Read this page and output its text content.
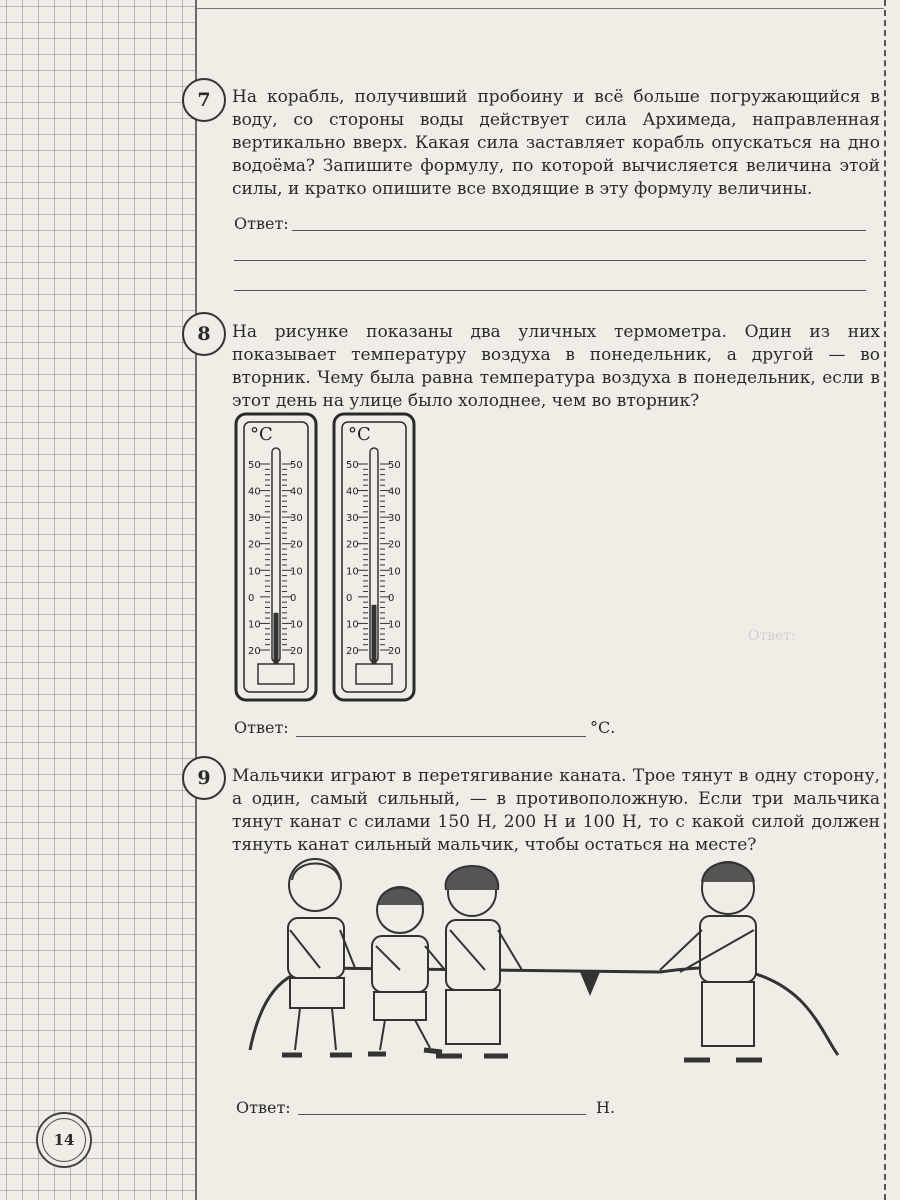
Ответ:
7	На корабль, получивший пробоину и всё больше погружающийся в воду, со стороны воды действует сила Архимеда, направленная вертикально вверх. Какая сила заставляет корабль опускаться на дно водоёма? Запишите формулу, по которой вычисляется величина этой силы, и кратко опишите все входящие в эту формулу величины.
Ответ:
8	На рисунке показаны два уличных термометра. Один из них показывает температуру воздуха в понедельник, а другой — во вторник. Чему была равна температура воздуха в понедельник, если в этот день на улице было холоднее, чем во вторник?
°С
50	50
40	40
30	30
20	20
10	10
0	0
10	10
20	20
°С
50	50
40	40
30	30
20	20
10	10
0	0
10	10
20	20
Ответ:	°С.
9	Мальчики играют в перетягивание каната. Трое тянут в одну сторону, а один, самый сильный, — в противоположную. Если три мальчика тянут канат с силами 150 Н, 200 Н и 100 Н, то с какой силой должен тянуть канат сильный мальчик, чтобы остаться на месте?
Ответ:	Н.
14
